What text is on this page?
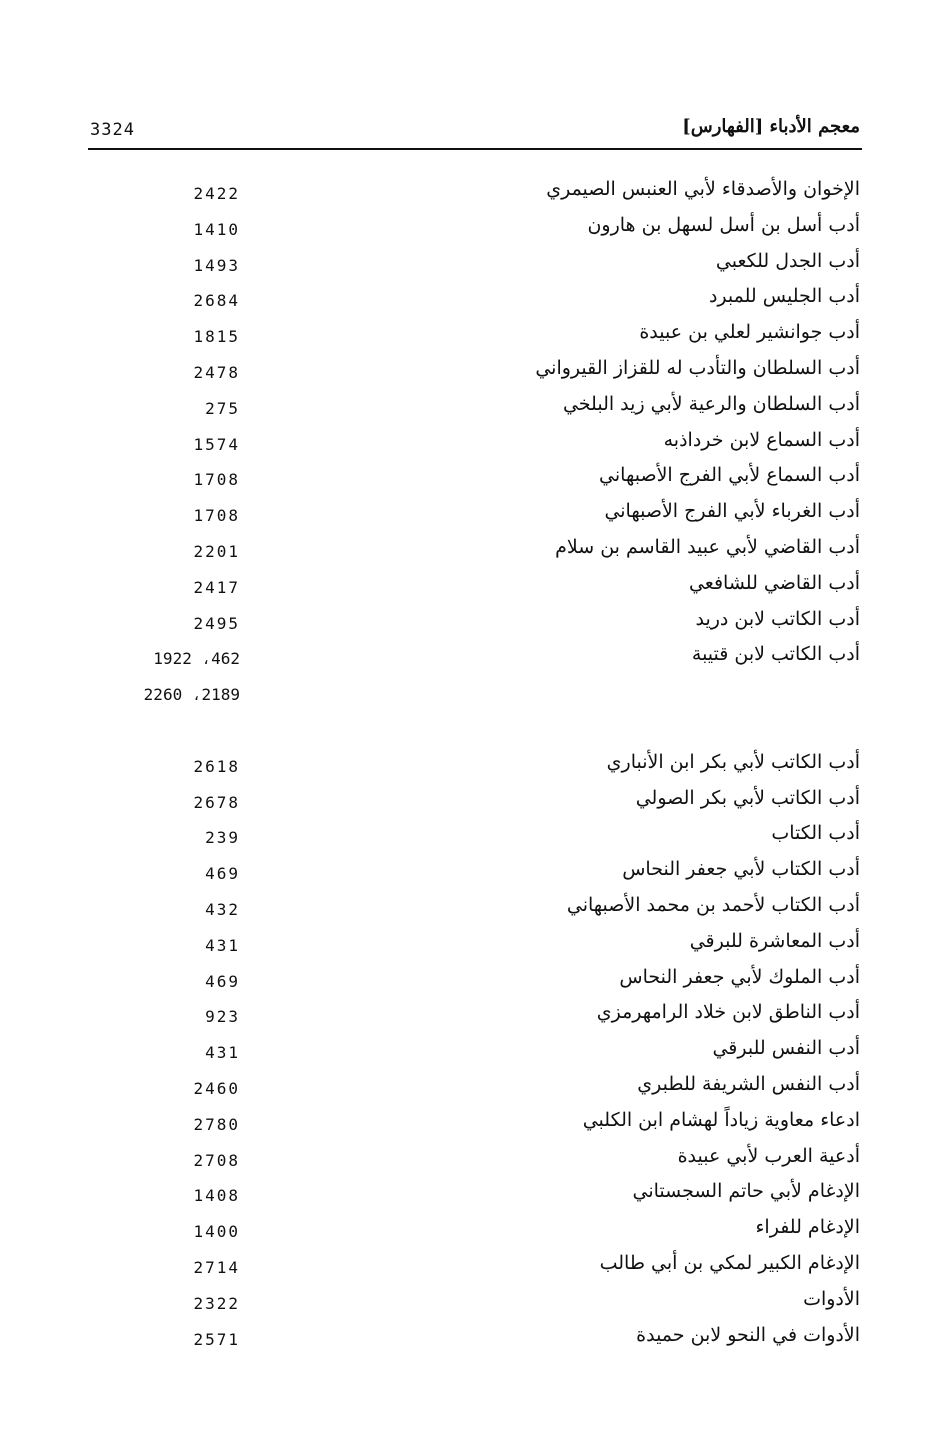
3324	معجم الأدباء [الفهارس]
الإخوان والأصدقاء لأبي العنبس الصيمري
2422
أدب أسل بن أسل لسهل بن هارون
1410
أدب الجدل للكعبي
1493
أدب الجليس للمبرد
2684
أدب جوانشير لعلي بن عبيدة
1815
أدب السلطان والتأدب له للقزاز القيرواني
2478
أدب السلطان والرعية لأبي زيد البلخي
275
أدب السماع لابن خرداذبه
1574
أدب السماع لأبي الفرج الأصبهاني
1708
أدب الغرباء لأبي الفرج الأصبهاني
1708
أدب القاضي لأبي عبيد القاسم بن سلام
2201
أدب القاضي للشافعي
2417
أدب الكاتب لابن دريد
2495
أدب الكاتب لابن قتيبة
1922 ،462
2260 ،2189
أدب الكاتب لأبي بكر ابن الأنباري
2618
أدب الكاتب لأبي بكر الصولي
2678
أدب الكتاب
239
أدب الكتاب لأبي جعفر النحاس
469
أدب الكتاب لأحمد بن محمد الأصبهاني
432
أدب المعاشرة للبرقي
431
أدب الملوك لأبي جعفر النحاس
469
أدب الناطق لابن خلاد الرامهرمزي
923
أدب النفس للبرقي
431
أدب النفس الشريفة للطبري
2460
ادعاء معاوية زياداً لهشام ابن الكلبي
2780
أدعية العرب لأبي عبيدة
2708
الإدغام لأبي حاتم السجستاني
1408
الإدغام للفراء
1400
الإدغام الكبير لمكي بن أبي طالب
2714
الأدوات
2322
الأدوات في النحو لابن حميدة
2571
